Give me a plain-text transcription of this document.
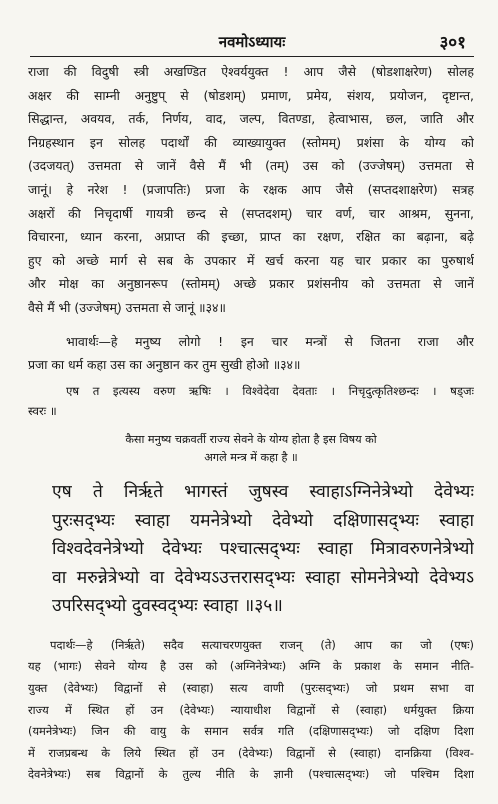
नवमोऽध्यायः	३०१
राजा की विदुषी स्त्री अखण्डित ऐश्वर्ययुक्त ! आप जैसे (षोडशाक्षरेण) सोलह
अक्षर की साम्नी अनुष्टुप् से (षोडशम्) प्रमाण, प्रमेय, संशय, प्रयोजन, दृष्टान्त,
सिद्धान्त, अवयव, तर्क, निर्णय, वाद, जल्प, वितण्डा, हेत्वाभास, छल, जाति और
निग्रहस्थान इन सोलह पदार्थों की व्याख्यायुक्त (स्तोमम्) प्रशंसा के योग्य को
(उदजयत्) उत्तमता से जानें वैसे मैं भी (तम्) उस को (उज्जेषम्) उत्तमता से
जानूं। हे नरेश ! (प्रजापतिः) प्रजा के रक्षक आप जैसे (सप्तदशाक्षरेण) सत्रह
अक्षरों की निचृदार्षी गायत्री छन्द से (सप्तदशम्) चार वर्ण, चार आश्रम, सुनना,
विचारना, ध्यान करना, अप्राप्त की इच्छा, प्राप्त का रक्षण, रक्षित का बढ़ाना, बढ़े
हुए को अच्छे मार्ग से सब के उपकार में खर्च करना यह चार प्रकार का पुरुषार्थ
और मोक्ष का अनुष्ठानरूप (स्तोमम्) अच्छे प्रकार प्रशंसनीय को उत्तमता से जानें
वैसे मैं भी (उज्जेषम्) उत्तमता से जानूं ॥३४॥
भावार्थः—हे मनुष्य लोगो ! इन चार मन्त्रों से जितना राजा और
प्रजा का धर्म कहा उस का अनुष्ठान कर तुम सुखी होओ ॥३४॥
एष त इत्यस्य वरुण ऋषिः । विश्वेदेवा देवताः । निचृदुत्कृतिश्छन्दः । षड्जः
स्वरः ॥
कैसा मनुष्य चक्रवर्ती राज्य सेवने के योग्य होता है इस विषय को
अगले मन्त्र में कहा है ॥
एष ते निर्ऋते भागस्तं जुषस्व स्वाहाऽग्निनेत्रेभ्यो देवेभ्यः
पुरःसद्भ्यः स्वाहा यमनेत्रेभ्यो देवेभ्यो दक्षिणासद्भ्यः स्वाहा
विश्वदेवनेत्रेभ्यो देवेभ्यः पश्चात्सद्भ्यः स्वाहा मित्रावरुणनेत्रेभ्यो
वा मरुन्नेत्रेभ्यो वा देवेभ्यऽउत्तरासद्भ्यः स्वाहा सोमनेत्रेभ्यो देवेभ्यऽ
उपरिसद्भ्यो दुवस्वद्भ्यः स्वाहा ॥३५॥
पदार्थः—हे (निर्ऋते) सदैव सत्याचरणयुक्त राजन् (ते) आप का जो (एषः)
यह (भागः) सेवने योग्य है उस को (अग्निनेत्रेभ्यः) अग्नि के प्रकाश के समान नीति-
युक्त (देवेभ्यः) विद्वानों से (स्वाहा) सत्य वाणी (पुरःसद्भ्यः) जो प्रथम सभा वा
राज्य में स्थित हों उन (देवेभ्यः) न्यायाधीश विद्वानों से (स्वाहा) धर्मयुक्त क्रिया
(यमनेत्रेभ्यः) जिन की वायु के समान सर्वत्र गति (दक्षिणासद्भ्यः) जो दक्षिण दिशा
में राजप्रबन्ध के लिये स्थित हों उन (देवेभ्यः) विद्वानों से (स्वाहा) दानक्रिया (विश्व-
देवनेत्रेभ्यः) सब विद्वानों के तुल्य नीति के ज्ञानी (पश्चात्सद्भ्यः) जो पश्चिम दिशा
